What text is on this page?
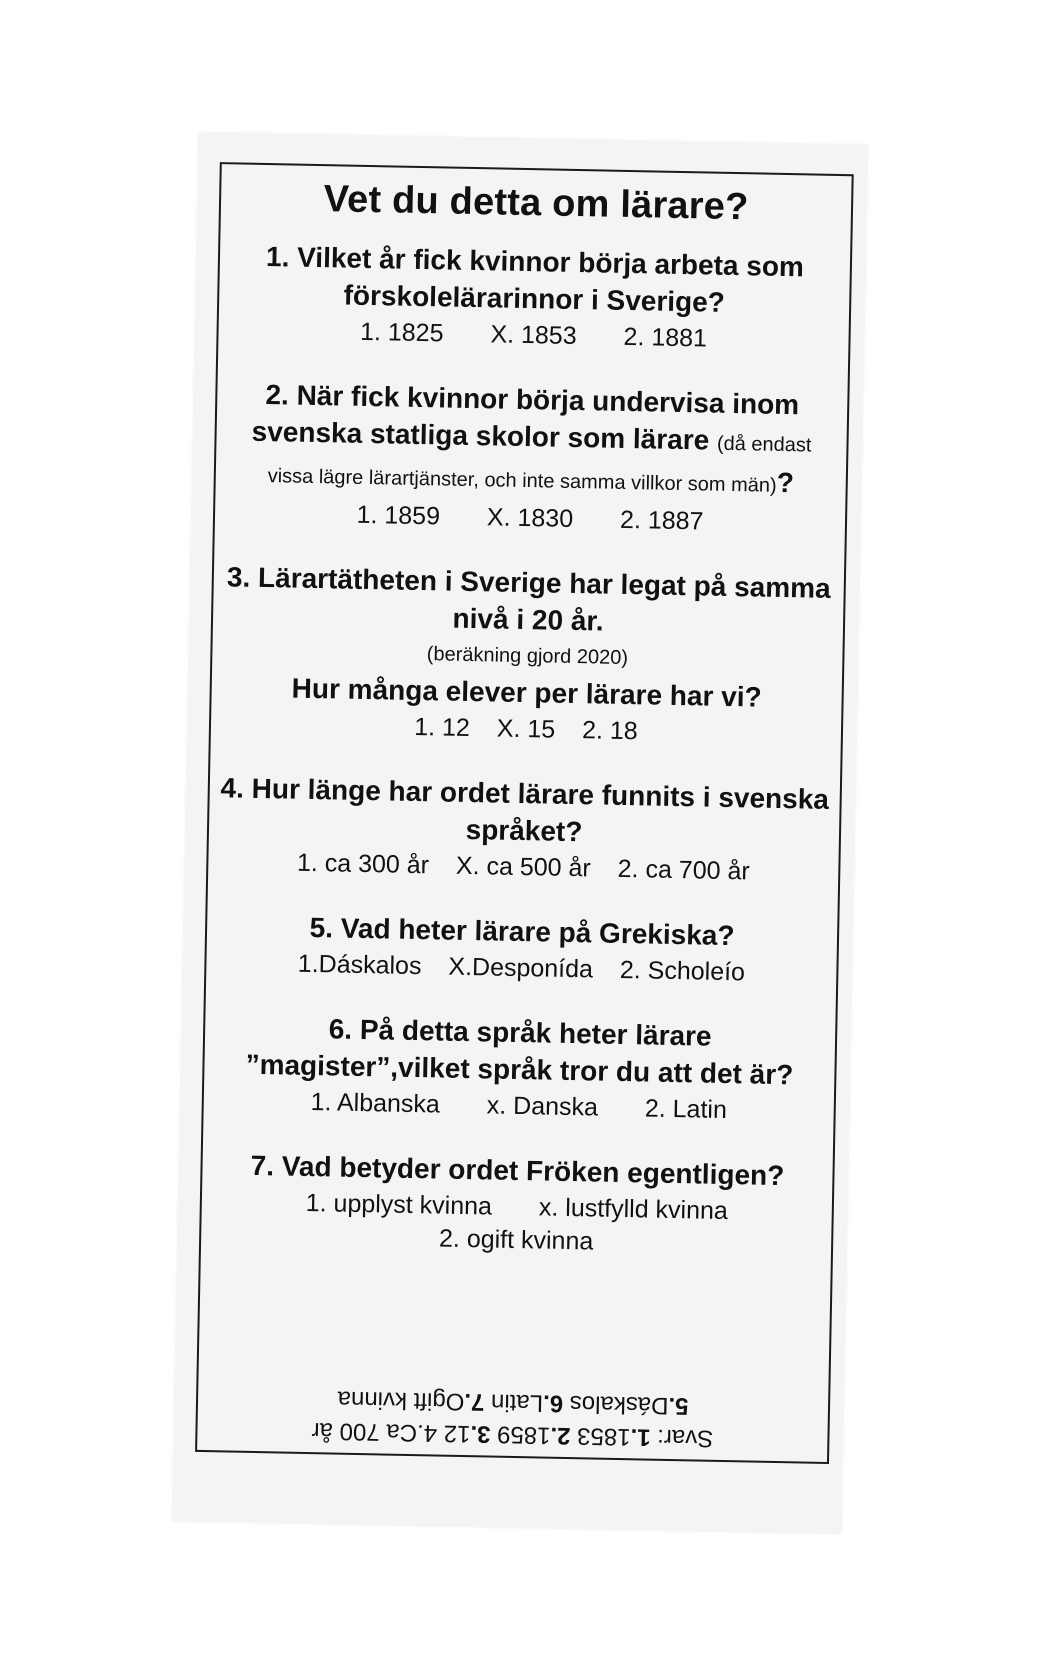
Vet du detta om lärare?
1. Vilket år fick kvinnor börja arbeta som förskolelärarinnor i Sverige?
1. 1825 X. 1853 2. 1881
2. När fick kvinnor börja undervisa inom svenska statliga skolor som lärare (då endast vissa lägre lärartjänster, och inte samma villkor som män)?
1. 1859 X. 1830 2. 1887
3. Lärartätheten i Sverige har legat på samma nivå i 20 år.
(beräkning gjord 2020)
Hur många elever per lärare har vi?
1. 12 X. 15 2. 18
4. Hur länge har ordet lärare funnits i svenska språket?
1. ca 300 år X. ca 500 år 2. ca 700 år
5. Vad heter lärare på Grekiska?
1.Dáskalos X.Desponída 2. Scholeío
6. På detta språk heter lärare ”magister”,vilket språk tror du att det är?
1. Albanska x. Danska 2. Latin
7. Vad betyder ordet Fröken egentligen?
1. upplyst kvinna x. lustfylld kvinna
2. ogift kvinna
Svar: 1.1853 2.1859 3.12 4.Ca 700 år
5.Dáskalos 6.Latin 7.Ogift kvinna
